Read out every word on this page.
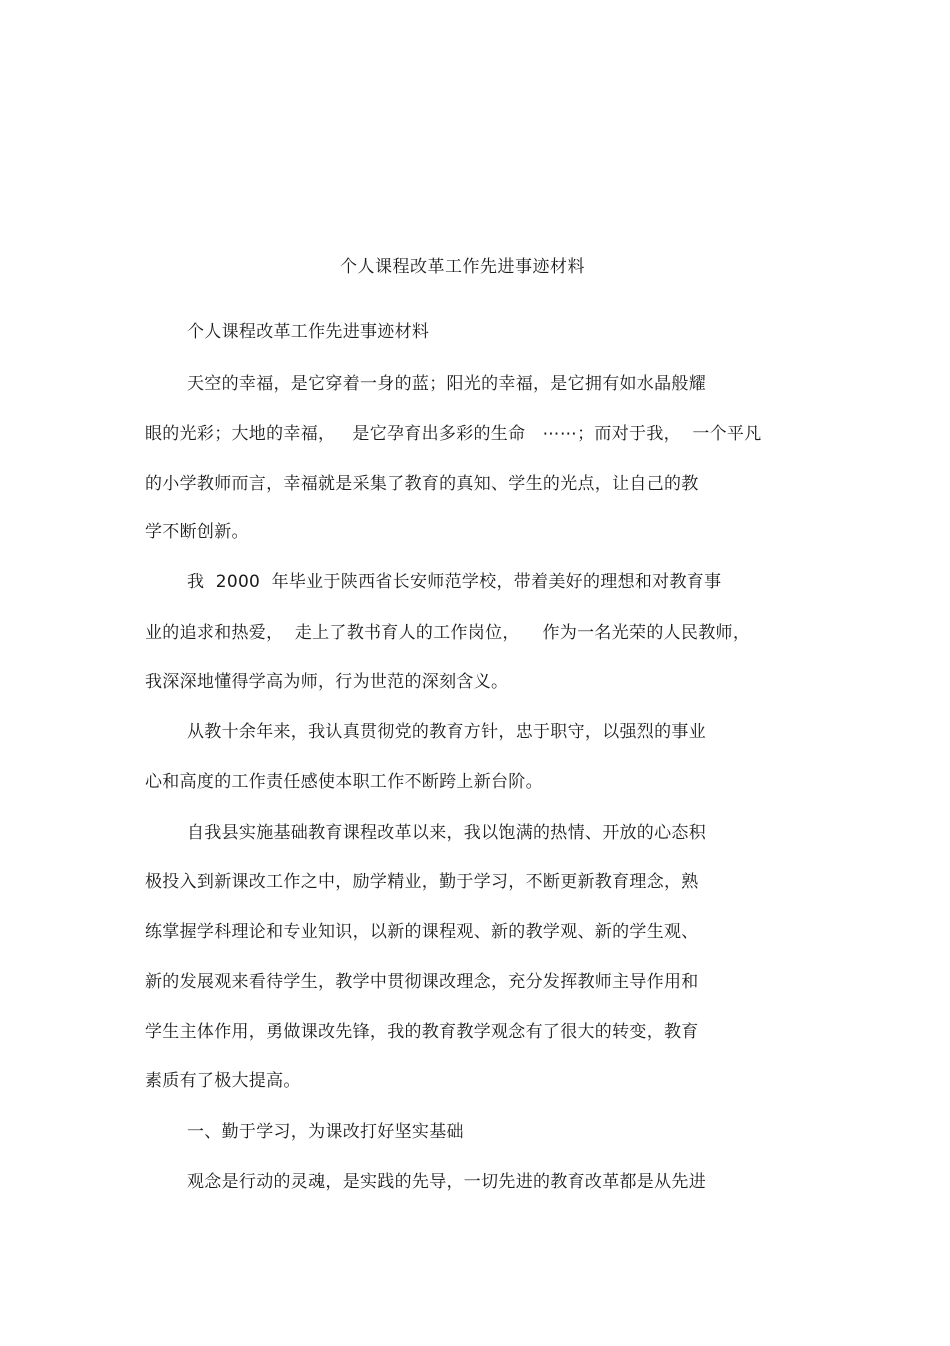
个人课程改革工作先进事迹材料
个人课程改革工作先进事迹材料
天空的幸福，是它穿着一身的蓝；阳光的幸福，是它拥有如水晶般耀
眼的光彩；大地的幸福，   是它孕育出多彩的生命   ⋯⋯；而对于我，  一个平凡
的小学教师而言，幸福就是采集了教育的真知、学生的光点，让自己的教
学不断创新。
我  2000  年毕业于陕西省长安师范学校，带着美好的理想和对教育事
业的追求和热爱，  走上了教书育人的工作岗位，    作为一名光荣的人民教师，
我深深地懂得学高为师，行为世范的深刻含义。
从教十余年来，我认真贯彻党的教育方针，忠于职守，以强烈的事业
心和高度的工作责任感使本职工作不断跨上新台阶。
自我县实施基础教育课程改革以来，我以饱满的热情、开放的心态积
极投入到新课改工作之中，励学精业，勤于学习，不断更新教育理念，熟
练掌握学科理论和专业知识，以新的课程观、新的教学观、新的学生观、
新的发展观来看待学生，教学中贯彻课改理念，充分发挥教师主导作用和
学生主体作用，勇做课改先锋，我的教育教学观念有了很大的转变，教育
素质有了极大提高。
一、勤于学习，为课改打好坚实基础
观念是行动的灵魂，是实践的先导，一切先进的教育改革都是从先进
